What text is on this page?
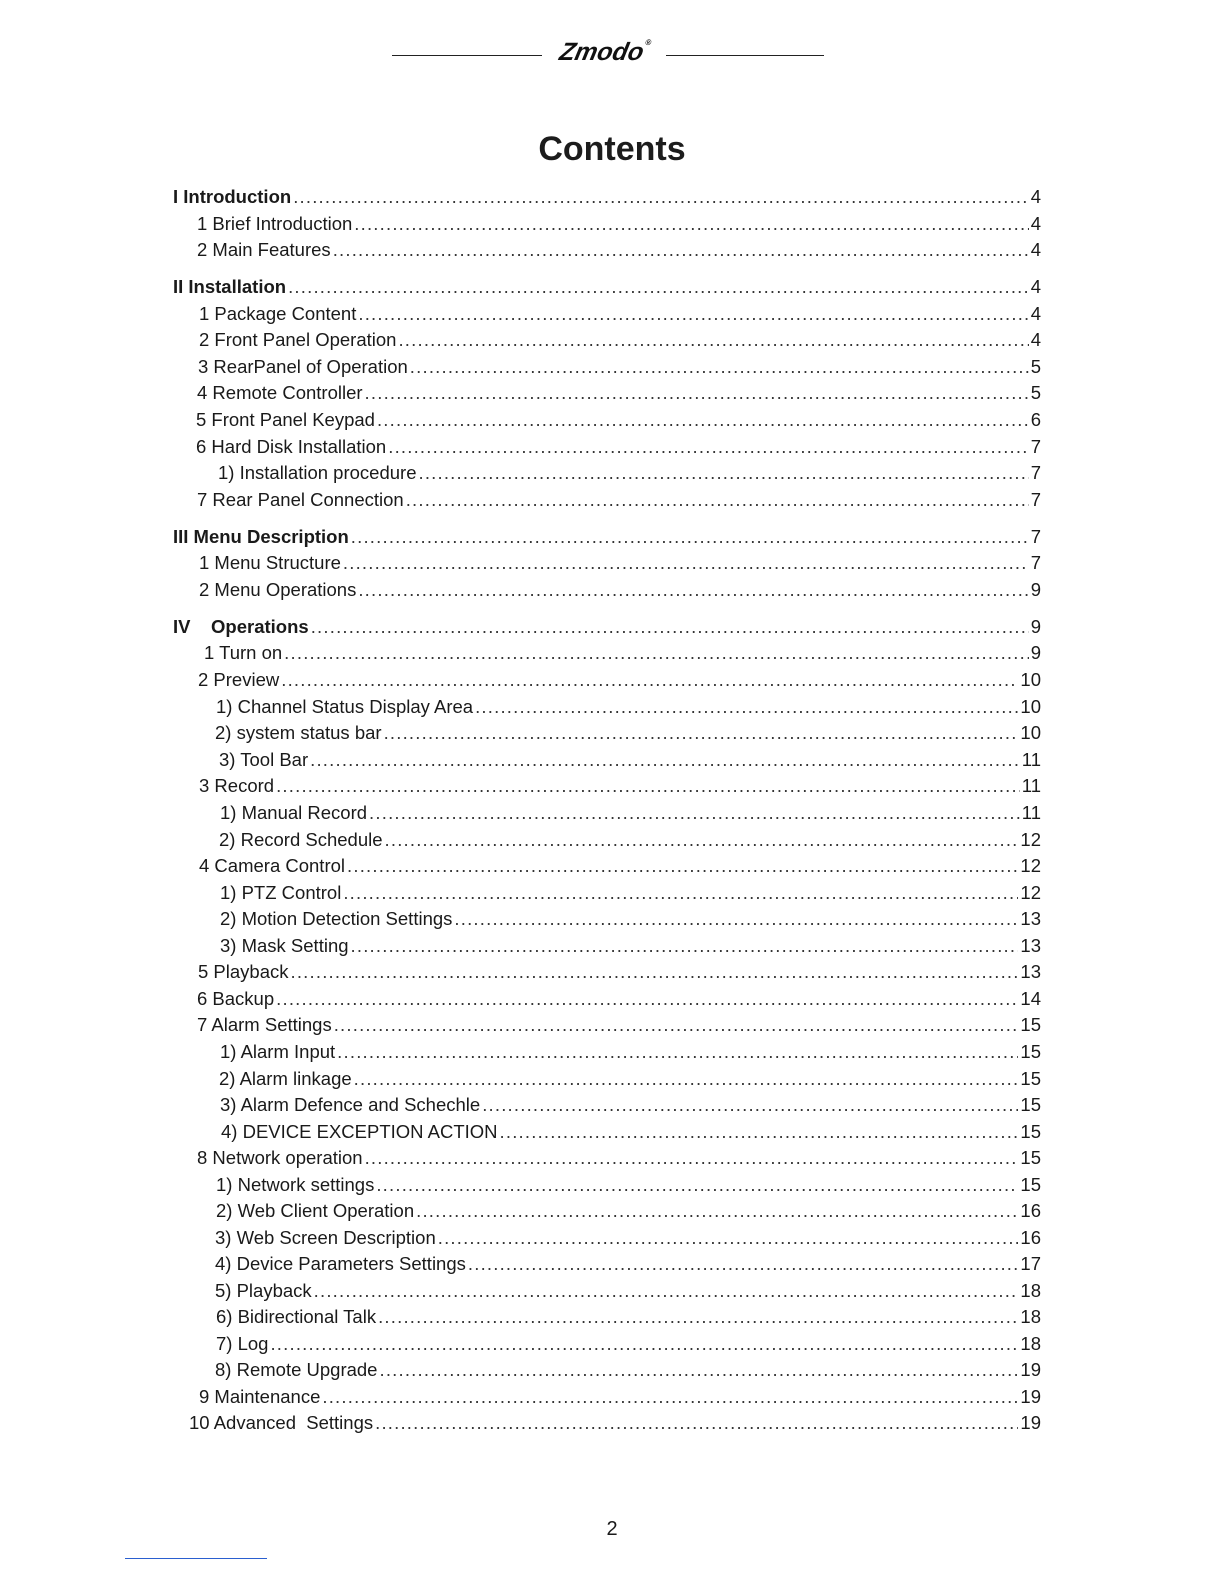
Zmodo®
Contents
I Introduction .....	4
1 Brief Introduction .....	4
2 Main Features .....	4
II Installation .....	4
1 Package Content .....	4
2 Front Panel Operation .....	4
3 RearPanel of Operation .....	5
4 Remote Controller .....	5
5 Front Panel Keypad .....	6
6 Hard Disk Installation .....	7
1) Installation procedure .....	7
7 Rear Panel Connection .....	7
III Menu Description .....	7
1 Menu Structure .....	7
2 Menu Operations .....	9
IV    Operations .....	9
1 Turn on .....	9
2 Preview .....	10
1) Channel Status Display Area .....	10
2) system status bar .....	10
3) Tool Bar .....	11
3 Record .....	11
1) Manual Record .....	11
2) Record Schedule .....	12
4 Camera Control .....	12
1) PTZ Control .....	12
2) Motion Detection Settings .....	13
3) Mask Setting .....	13
5 Playback .....	13
6 Backup .....	14
7 Alarm Settings .....	15
1) Alarm Input .....	15
2) Alarm linkage .....	15
3) Alarm Defence and Schechle .....	15
4) DEVICE EXCEPTION ACTION .....	15
8 Network operation .....	15
1) Network settings .....	15
2) Web Client Operation .....	16
3) Web Screen Description .....	16
4) Device Parameters Settings .....	17
5) Playback .....	18
6) Bidirectional Talk .....	18
7) Log .....	18
8) Remote Upgrade .....	19
9 Maintenance .....	19
10 Advanced  Settings .....	19
2
